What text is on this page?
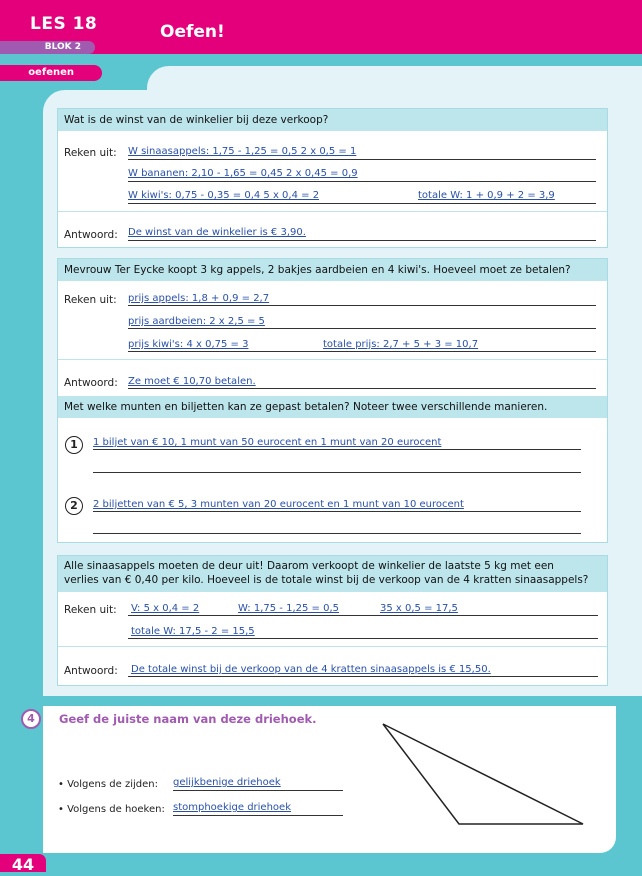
LES 18
BLOK 2
Oefen!
oefenen
Wat is de winst van de winkelier bij deze verkoop?
Reken uit: W sinaasappels: 1,75 - 1,25 = 0,5 2 x 0,5 = 1
W bananen: 2,10 - 1,65 = 0,45 2 x 0,45 = 0,9
W kiwi's: 0,75 - 0,35 = 0,4 5 x 0,4 = 2	totale W: 1 + 0,9 + 2 = 3,9
Antwoord: De winst van de winkelier is € 3,90.
Mevrouw Ter Eycke koopt 3 kg appels, 2 bakjes aardbeien en 4 kiwi's. Hoeveel moet ze betalen?
Reken uit: prijs appels: 1,8 + 0,9 = 2,7
prijs aardbeien: 2 x 2,5 = 5
prijs kiwi's: 4 x 0,75 = 3	totale prijs: 2,7 + 5 + 3 = 10,7
Antwoord: Ze moet € 10,70 betalen.
Met welke munten en biljetten kan ze gepast betalen? Noteer twee verschillende manieren.
1	1 biljet van € 10, 1 munt van 50 eurocent en 1 munt van 20 eurocent
2	2 biljetten van € 5, 3 munten van 20 eurocent en 1 munt van 10 eurocent
Alle sinaasappels moeten de deur uit! Daarom verkoopt de winkelier de laatste 5 kg met een
verlies van € 0,40 per kilo. Hoeveel is de totale winst bij de verkoop van de 4 kratten sinaasappels?
Reken uit: V: 5 x 0,4 = 2	W: 1,75 - 1,25 = 0,5	35 x 0,5 = 17,5
totale W: 17,5 - 2 = 15,5
Antwoord: De totale winst bij de verkoop van de 4 kratten sinaasappels is € 15,50.
4	Geef de juiste naam van deze driehoek.
• Volgens de zijden: gelijkbenige driehoek
• Volgens de hoeken: stomphoekige driehoek
44
